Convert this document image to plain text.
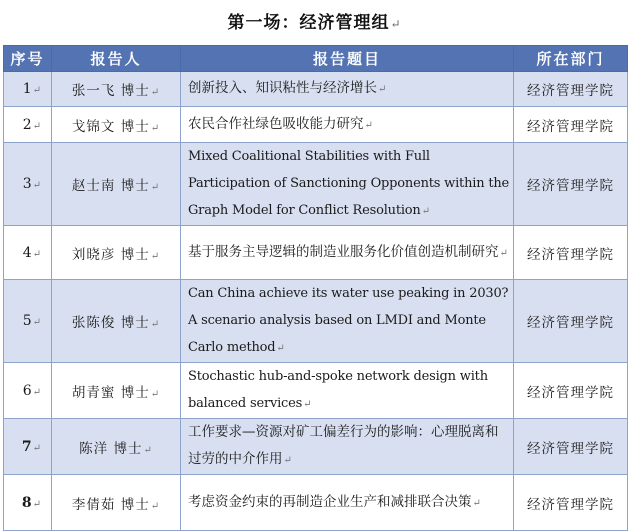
第一场：经济管理组↵
序号	报告人	报告题目	所在部门
1↵	张一飞 博士↵	创新投入、知识粘性与经济增长↵	经济管理学院
2↵	戈锦文 博士↵	农民合作社绿色吸收能力研究↵	经济管理学院
3↵	赵士南 博士↵	Mixed Coalitional Stabilities with Full Participation of Sanctioning Opponents within the Graph Model for Conflict Resolution↵	经济管理学院
4↵	刘晓彦 博士↵	基于服务主导逻辑的制造业服务化价值创造机制研究↵	经济管理学院
5↵	张陈俊 博士↵	Can China achieve its water use peaking in 2030? A scenario analysis based on LMDI and Monte Carlo method↵	经济管理学院
6↵	胡青蜜 博士↵	Stochastic hub-and-spoke network design with balanced services↵	经济管理学院
7↵	陈洋 博士↵	工作要求—资源对矿工偏差行为的影响：心理脱离和过劳的中介作用↵	经济管理学院
8↵	李倩茹 博士↵	考虑资金约束的再制造企业生产和减排联合决策↵	经济管理学院
